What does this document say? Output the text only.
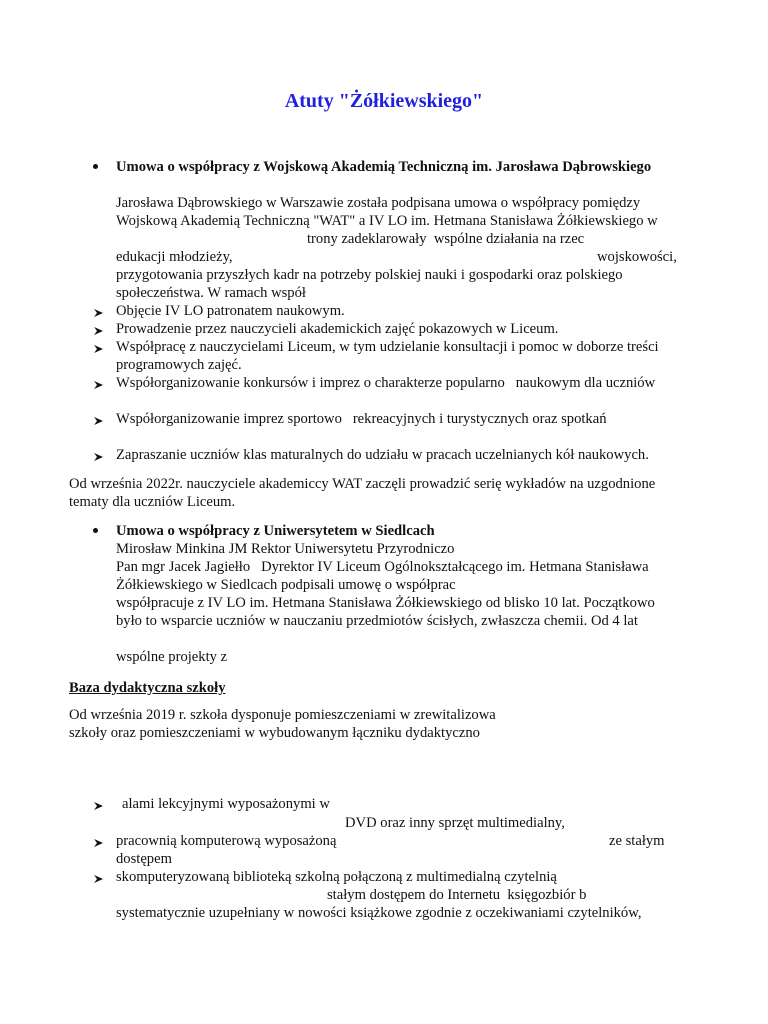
Atuty "Żółkiewskiego"
Umowa o współpracy z Wojskową Akademią Techniczną im. Jarosława Dąbrowskiego
Jarosława Dąbrowskiego w Warszawie została podpisana umowa o współpracy pomiędzy
Wojskową Akademią Techniczną "WAT" a IV LO im. Hetmana Stanisława Żółkiewskiego w
trony zadeklarowały  wspólne działania na rzec
edukacji młodzieży,	wojskowości,
przygotowania przyszłych kadr na potrzeby polskiej nauki i gospodarki oraz polskiego
społeczeństwa. W ramach współ
Objęcie IV LO patronatem naukowym.
Prowadzenie przez nauczycieli akademickich zajęć pokazowych w Liceum.
Współpracę z nauczycielami Liceum, w tym udzielanie konsultacji i pomoc w doborze treści
programowych zajęć.
Współorganizowanie konkursów i imprez o charakterze popularno   naukowym dla uczniów
Współorganizowanie imprez sportowo   rekreacyjnych i turystycznych oraz spotkań
Zapraszanie uczniów klas maturalnych do udziału w pracach uczelnianych kół naukowych.
Od września 2022r. nauczyciele akademiccy WAT zaczęli prowadzić serię wykładów na uzgodnione
tematy dla uczniów Liceum.
Umowa o współpracy z Uniwersytetem w Siedlcach
Mirosław Minkina JM Rektor Uniwersytetu Przyrodniczo
Pan mgr Jacek Jagiełło   Dyrektor IV Liceum Ogólnokształcącego im. Hetmana Stanisława
Żółkiewskiego w Siedlcach podpisali umowę o współprac
współpracuje z IV LO im. Hetmana Stanisława Żółkiewskiego od blisko 10 lat. Początkowo
było to wsparcie uczniów w nauczaniu przedmiotów ścisłych, zwłaszcza chemii. Od 4 lat
wspólne projekty z
Baza dydaktyczna szkoły
Od września 2019 r. szkoła dysponuje pomieszczeniami w zrewitalizowa
szkoły oraz pomieszczeniami w wybudowanym łączniku dydaktyczno
alami lekcyjnymi wyposażonymi w
DVD oraz inny sprzęt multimedialny,
pracownią komputerową wyposażoną	ze stałym
dostępem
skomputeryzowaną biblioteką szkolną połączoną z multimedialną czytelnią
stałym dostępem do Internetu  księgozbiór b
systematycznie uzupełniany w nowości książkowe zgodnie z oczekiwaniami czytelników,
